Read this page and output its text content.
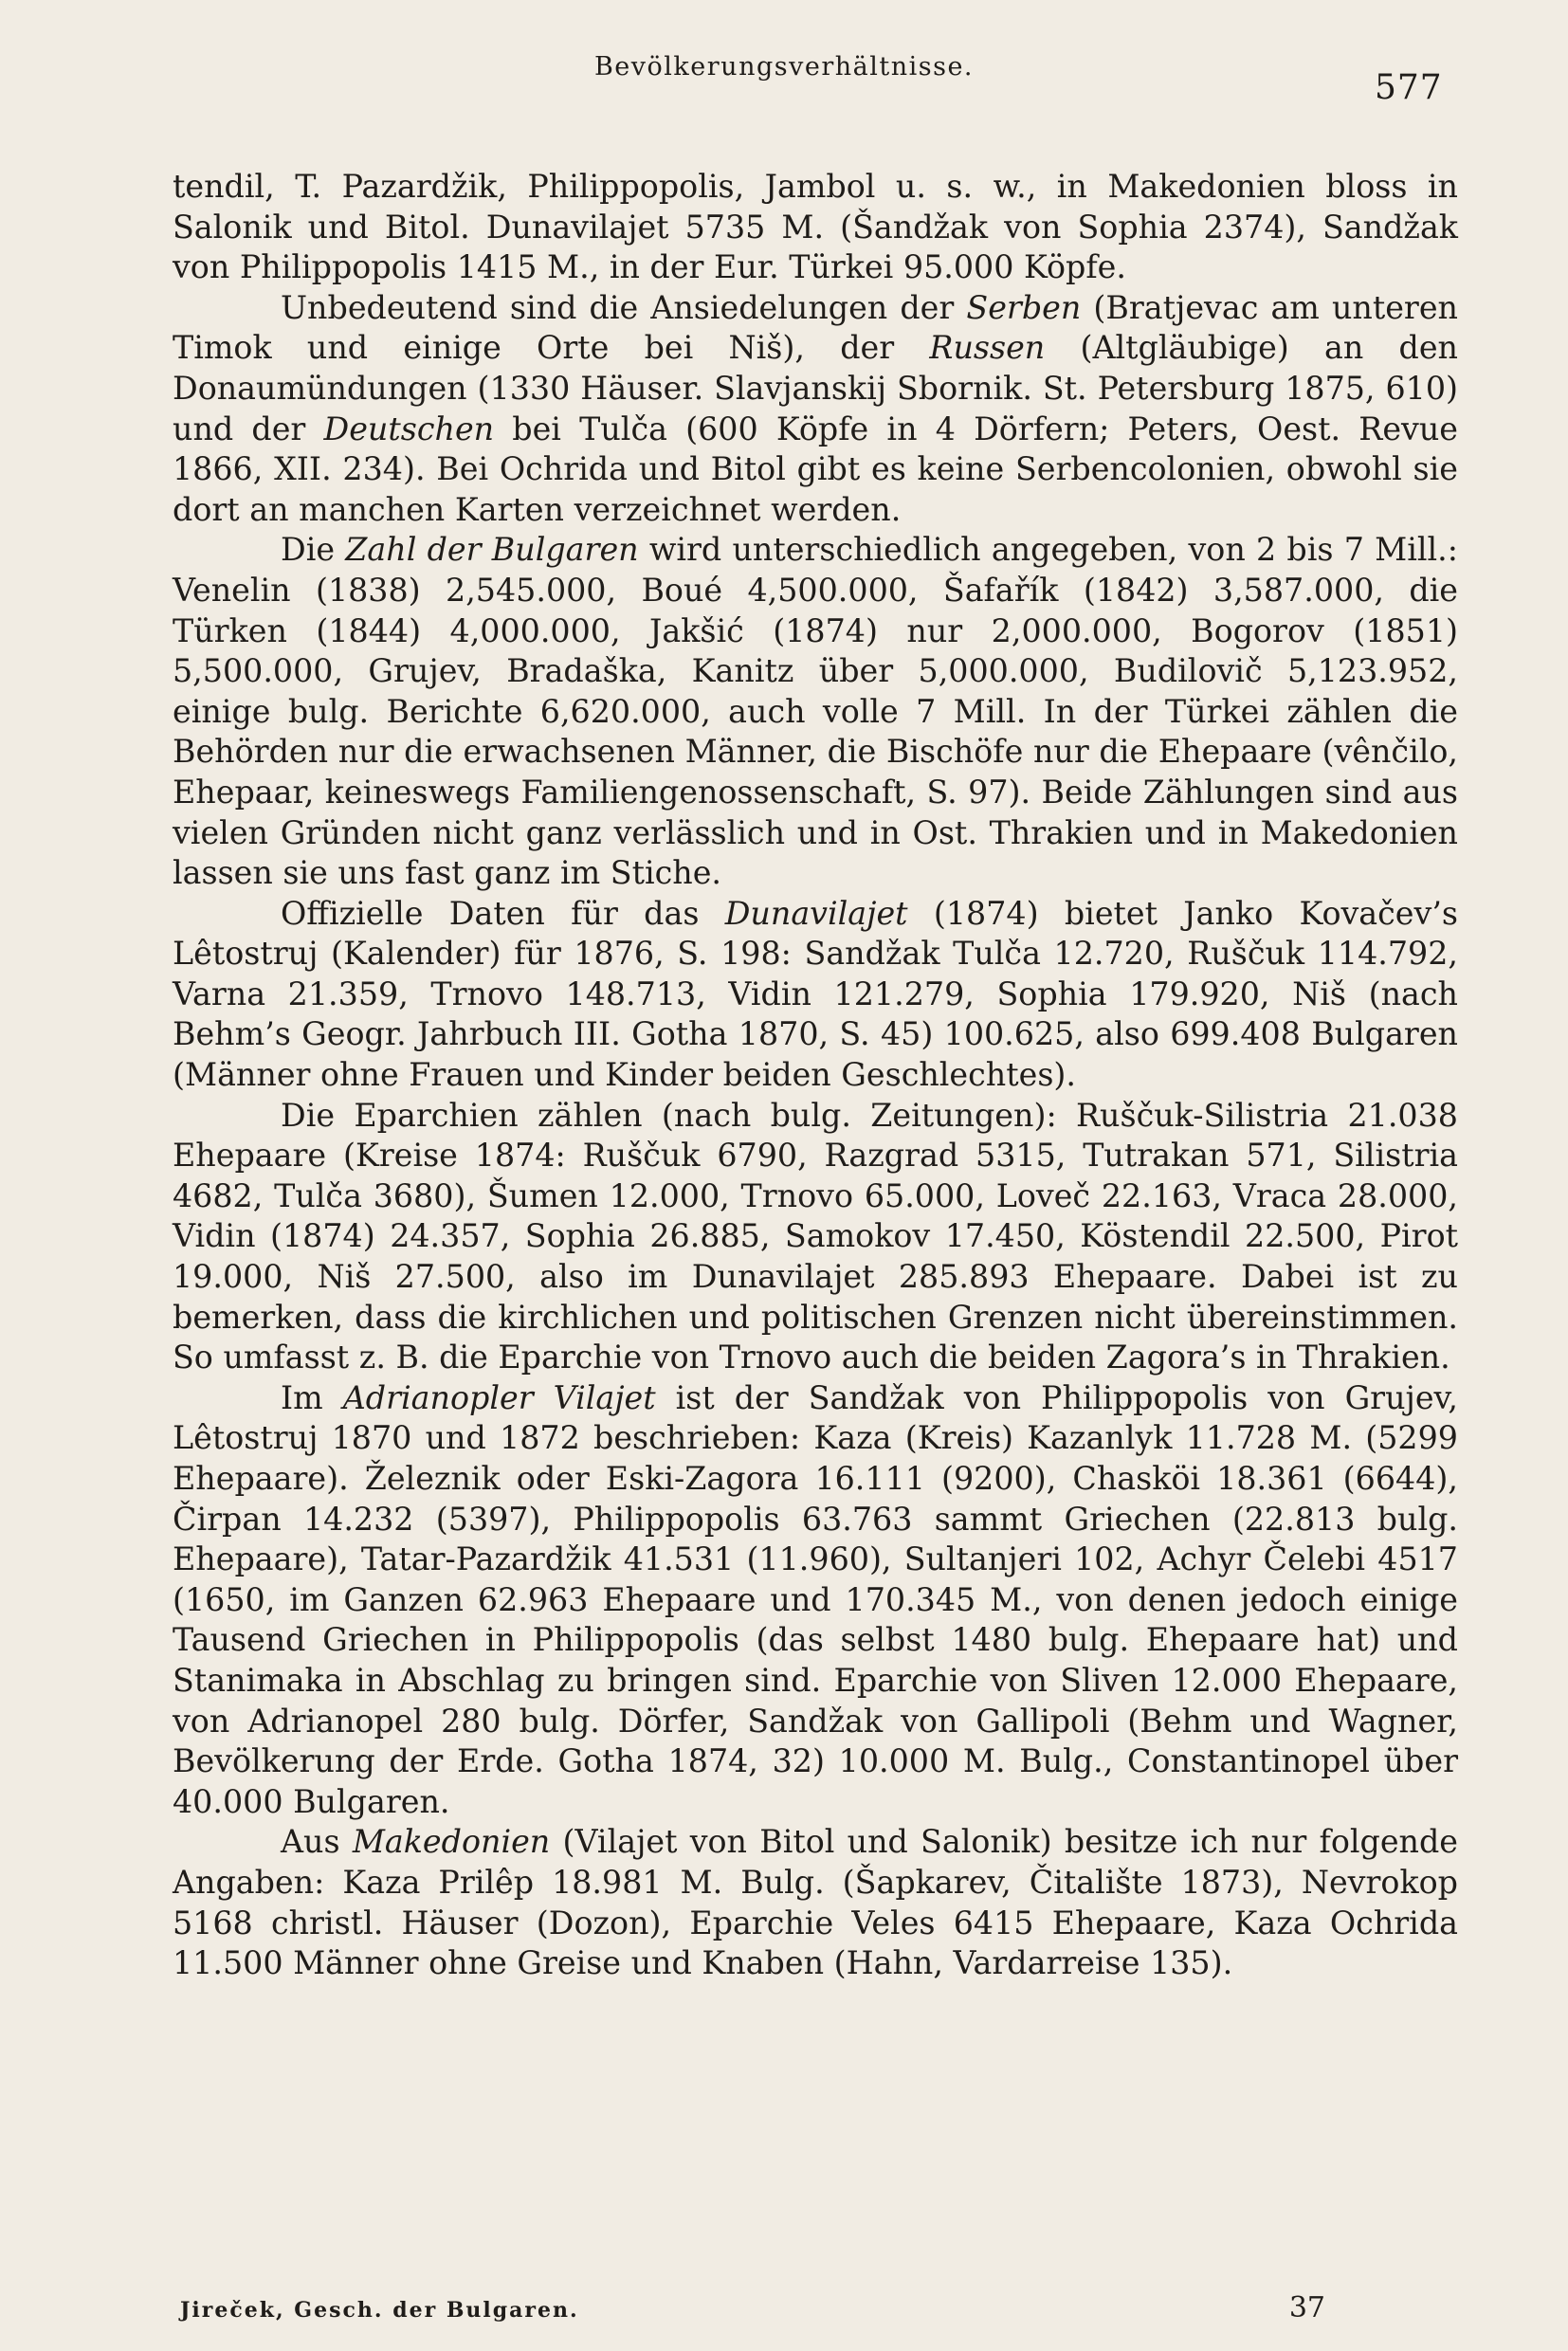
Bevölkerungsverhältnisse.
577

tendil, T. Pazardžik, Philippopolis, Jambol u. s. w., in Makedonien bloss in Salonik und Bitol. Dunavilajet 5735 M. (Šandžak von Sophia 2374), Sandžak von Philippopolis 1415 M., in der Eur. Türkei 95.000 Köpfe.

Unbedeutend sind die Ansiedelungen der Serben (Bratjevac am unteren Timok und einige Orte bei Niš), der Russen (Altgläubige) an den Donaumündungen (1330 Häuser. Slavjanskij Sbornik. St. Petersburg 1875, 610) und der Deutschen bei Tulča (600 Köpfe in 4 Dörfern; Peters, Oest. Revue 1866, XII. 234). Bei Ochrida und Bitol gibt es keine Serbencolonien, obwohl sie dort an manchen Karten verzeichnet werden.

Die Zahl der Bulgaren wird unterschiedlich angegeben, von 2 bis 7 Mill.: Venelin (1838) 2,545.000, Boué 4,500.000, Šafařík (1842) 3,587.000, die Türken (1844) 4,000.000, Jakšić (1874) nur 2,000.000, Bogorov (1851) 5,500.000, Grujev, Bradaška, Kanitz über 5,000.000, Budilovič 5,123.952, einige bulg. Berichte 6,620.000, auch volle 7 Mill. In der Türkei zählen die Behörden nur die erwachsenen Männer, die Bischöfe nur die Ehepaare (vênčilo, Ehepaar, keineswegs Familiengenossenschaft, S. 97). Beide Zählungen sind aus vielen Gründen nicht ganz verlässlich und in Ost. Thrakien und in Makedonien lassen sie uns fast ganz im Stiche.

Offizielle Daten für das Dunavilajet (1874) bietet Janko Kovačev’s Lêtostruj (Kalender) für 1876, S. 198: Sandžak Tulča 12.720, Ruščuk 114.792, Varna 21.359, Trnovo 148.713, Vidin 121.279, Sophia 179.920, Niš (nach Behm’s Geogr. Jahrbuch III. Gotha 1870, S. 45) 100.625, also 699.408 Bulgaren (Männer ohne Frauen und Kinder beiden Geschlechtes).

Die Eparchien zählen (nach bulg. Zeitungen): Ruščuk-Silistria 21.038 Ehepaare (Kreise 1874: Ruščuk 6790, Razgrad 5315, Tutrakan 571, Silistria 4682, Tulča 3680), Šumen 12.000, Trnovo 65.000, Loveč 22.163, Vraca 28.000, Vidin (1874) 24.357, Sophia 26.885, Samokov 17.450, Köstendil 22.500, Pirot 19.000, Niš 27.500, also im Dunavilajet 285.893 Ehepaare. Dabei ist zu bemerken, dass die kirchlichen und politischen Grenzen nicht übereinstimmen. So umfasst z. B. die Eparchie von Trnovo auch die beiden Zagora’s in Thrakien.

Im Adrianopler Vilajet ist der Sandžak von Philippopolis von Grujev, Lêtostruj 1870 und 1872 beschrieben: Kaza (Kreis) Kazanlyk 11.728 M. (5299 Ehepaare). Železnik oder Eski-Zagora 16.111 (9200), Chasköi 18.361 (6644), Čirpan 14.232 (5397), Philippopolis 63.763 sammt Griechen (22.813 bulg. Ehepaare), Tatar-Pazardžik 41.531 (11.960), Sultanjeri 102, Achyr Čelebi 4517 (1650, im Ganzen 62.963 Ehepaare und 170.345 M., von denen jedoch einige Tausend Griechen in Philippopolis (das selbst 1480 bulg. Ehepaare hat) und Stanimaka in Abschlag zu bringen sind. Eparchie von Sliven 12.000 Ehepaare, von Adrianopel 280 bulg. Dörfer, Sandžak von Gallipoli (Behm und Wagner, Bevölkerung der Erde. Gotha 1874, 32) 10.000 M. Bulg., Constantinopel über 40.000 Bulgaren.

Aus Makedonien (Vilajet von Bitol und Salonik) besitze ich nur folgende Angaben: Kaza Prilêp 18.981 M. Bulg. (Šapkarev, Čitalište 1873), Nevrokop 5168 christl. Häuser (Dozon), Eparchie Veles 6415 Ehepaare, Kaza Ochrida 11.500 Männer ohne Greise und Knaben (Hahn, Vardarreise 135).

Jireček, Gesch. der Bulgaren.	37
